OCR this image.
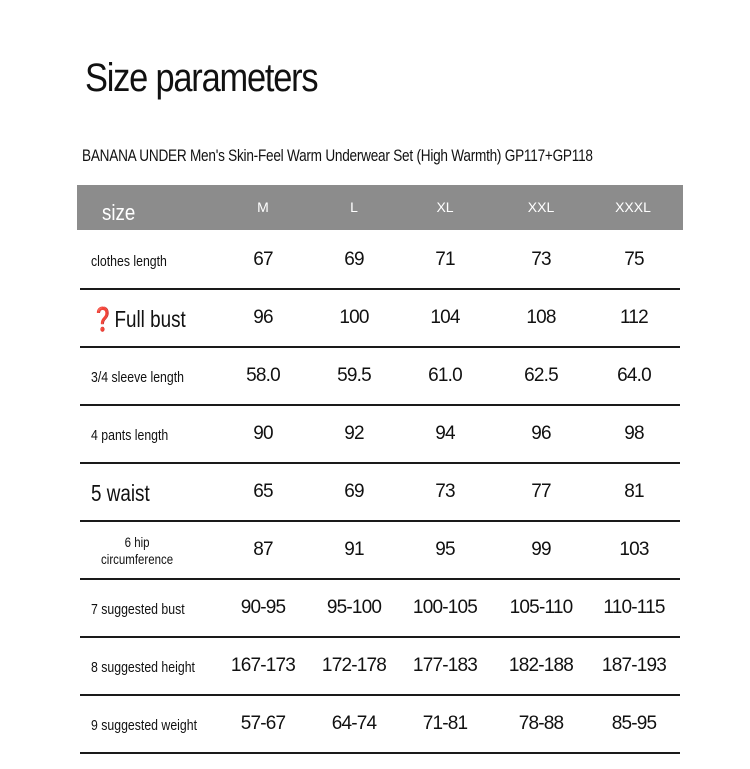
Size parameters

BANANA UNDER Men's Skin-Feel Warm Underwear Set (High Warmth) GP117+GP118

size	M	L	XL	XXL	XXXL
clothes length	67	69	71	73	75
❓Full bust	96	100	104	108	112
3/4 sleeve length	58.0	59.5	61.0	62.5	64.0
4 pants length	90	92	94	96	98
5 waist	65	69	73	77	81
6 hip circumference	87	91	95	99	103
7 suggested bust	90-95	95-100	100-105	105-110	110-115
8 suggested height	167-173	172-178	177-183	182-188	187-193
9 suggested weight	57-67	64-74	71-81	78-88	85-95
